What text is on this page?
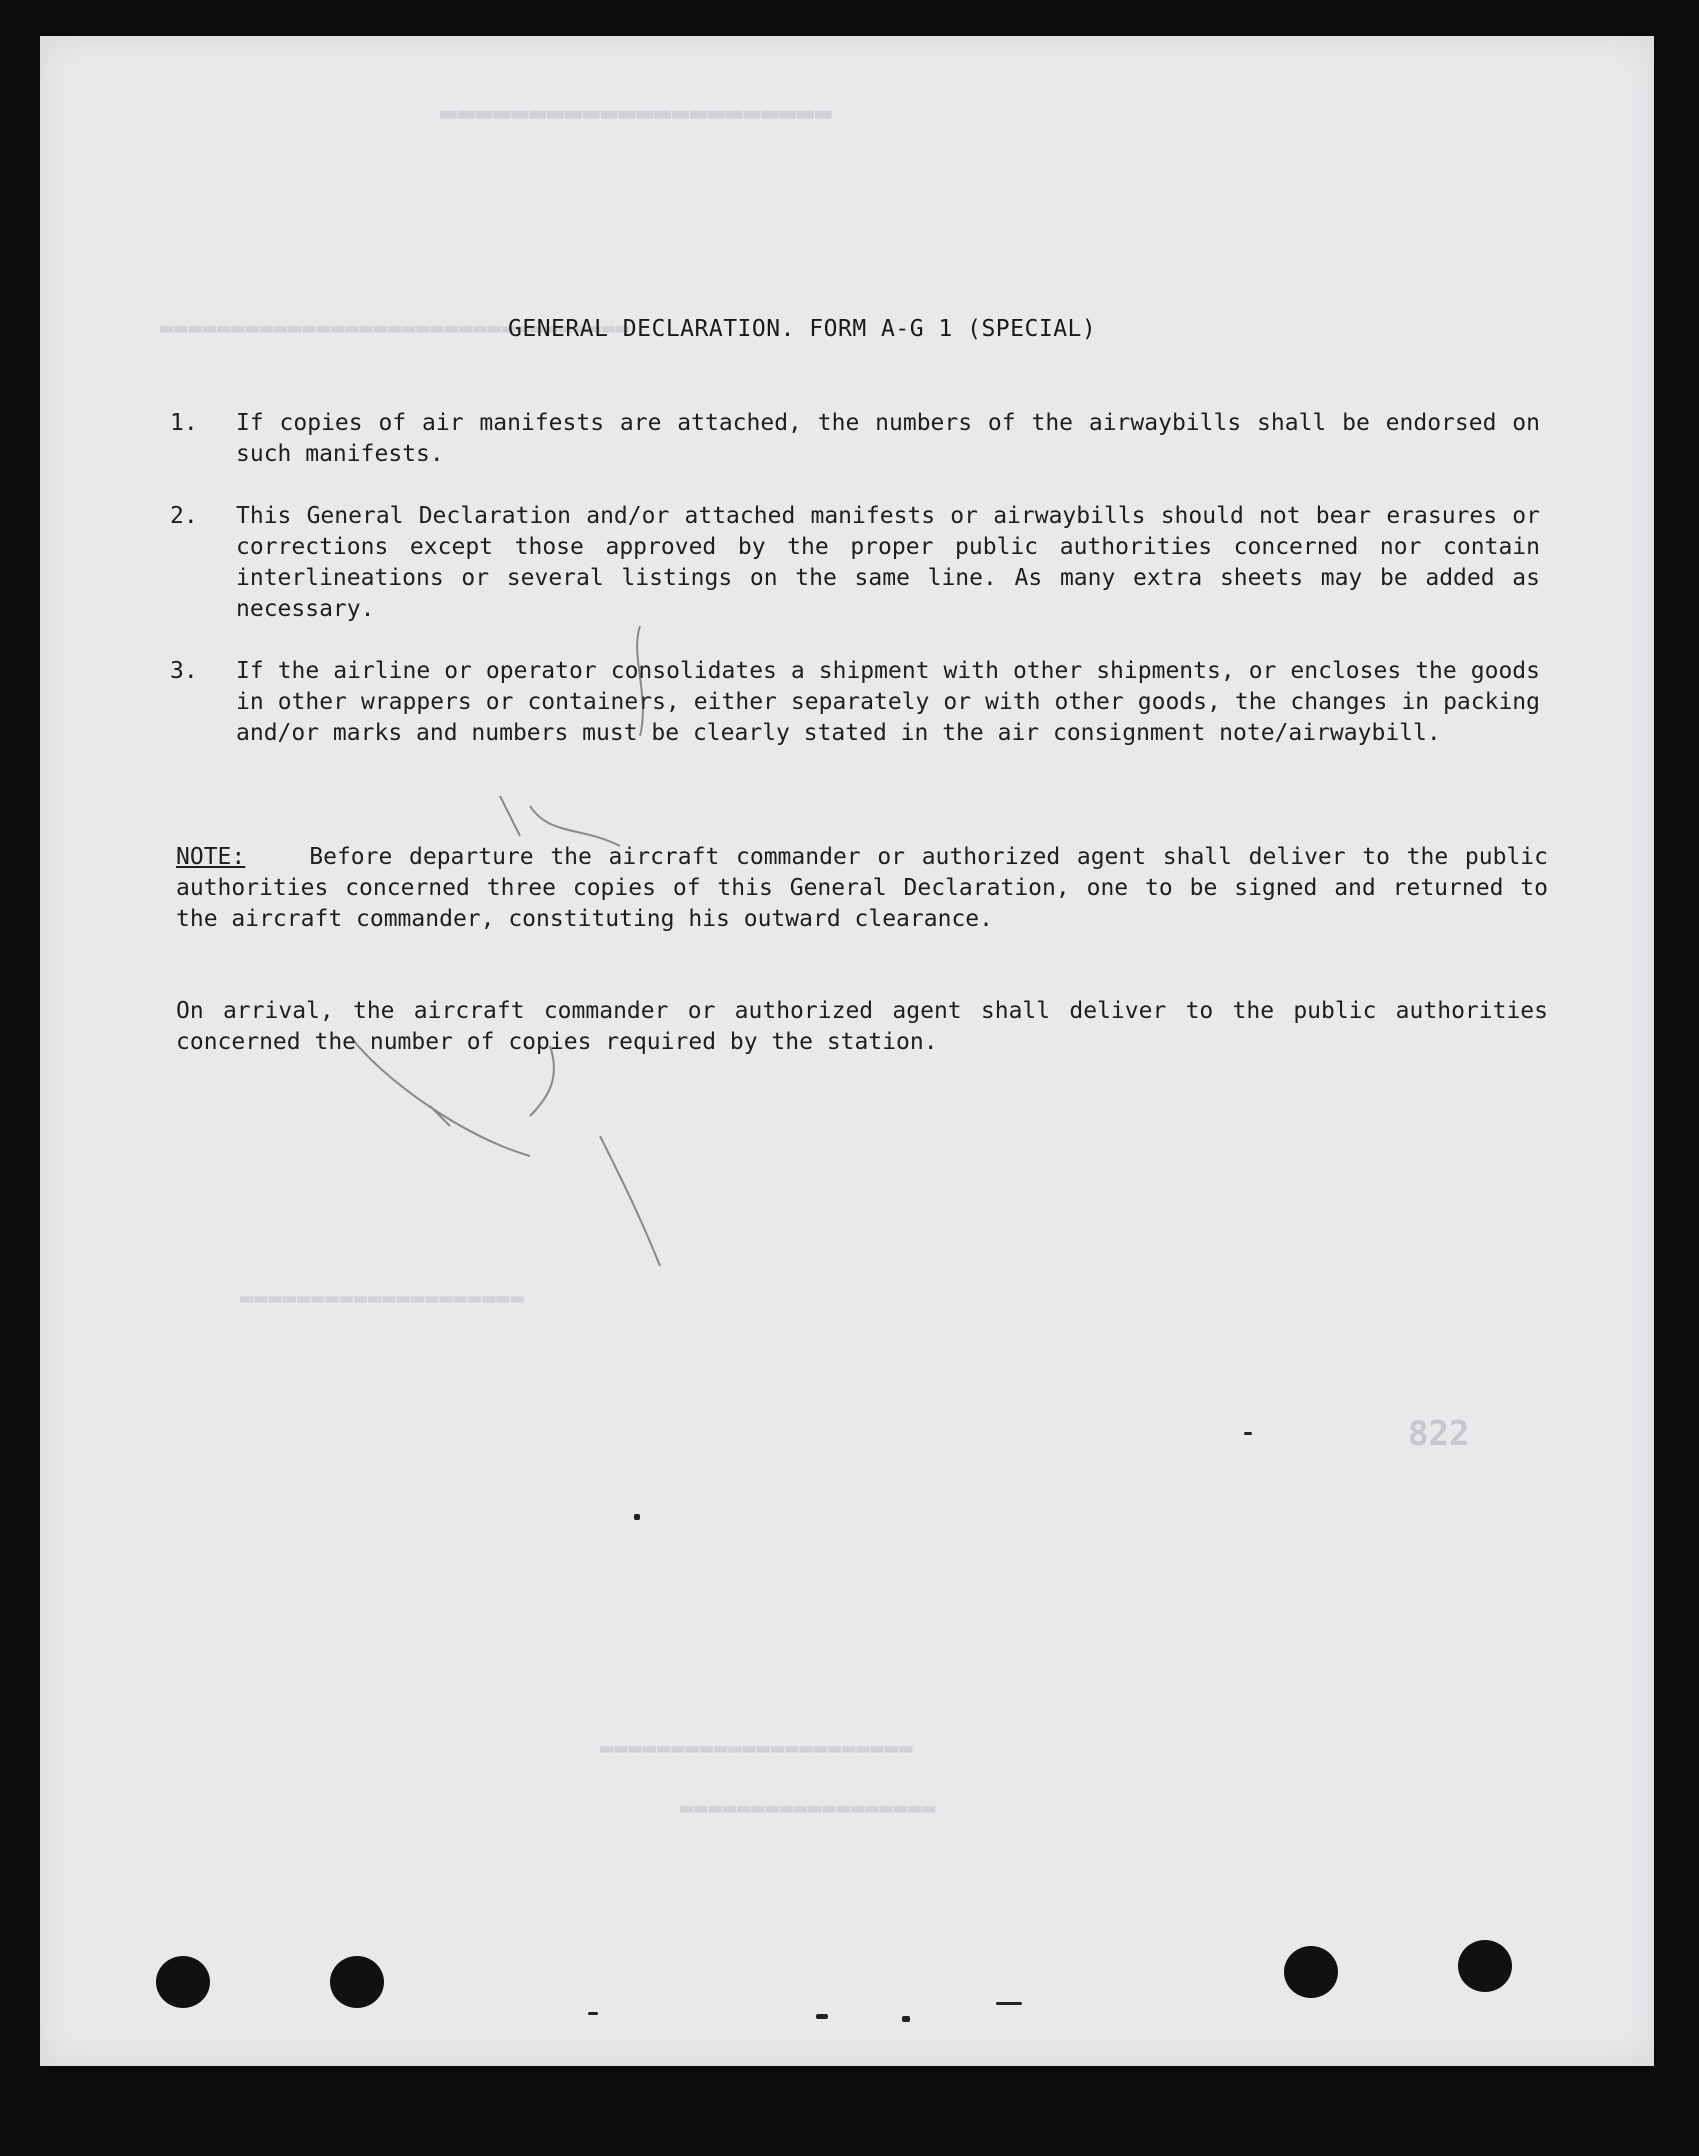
▬▬▬▬▬▬▬▬▬▬▬▬▬▬▬▬▬▬▬▬▬▬
▬▬▬▬▬▬▬▬▬▬▬▬▬▬▬▬▬▬▬▬▬▬▬▬▬▬▬▬▬▬▬▬▬
▬▬▬▬▬▬▬▬▬▬▬▬▬▬▬▬▬▬▬▬
▬▬▬▬▬▬▬▬▬▬▬▬▬▬▬▬▬▬▬▬▬▬
▬▬▬▬▬▬▬▬▬▬▬▬▬▬▬▬▬▬
GENERAL DECLARATION. FORM A-G 1 (SPECIAL)
1.	If copies of air manifests are attached, the numbers of the airwaybills shall be endorsed on such manifests.
2.	This General Declaration and/or attached manifests or airwaybills should not bear erasures or corrections except those approved by the proper public authorities concerned nor contain interlineations or several listings on the same line. As many extra sheets may be added as necessary.
3.	If the airline or operator consolidates a shipment with other shipments, or encloses the goods in other wrappers or containers, either separately or with other goods, the changes in packing and/or marks and numbers must be clearly stated in the air consignment note/airwaybill.
NOTE:	Before departure the aircraft commander or authorized agent shall deliver to the public authorities concerned three copies of this General Declaration, one to be signed and returned to the aircraft commander, constituting his outward clearance.
On arrival, the aircraft commander or authorized agent shall deliver to the public authorities concerned the number of copies required by the station.
822
